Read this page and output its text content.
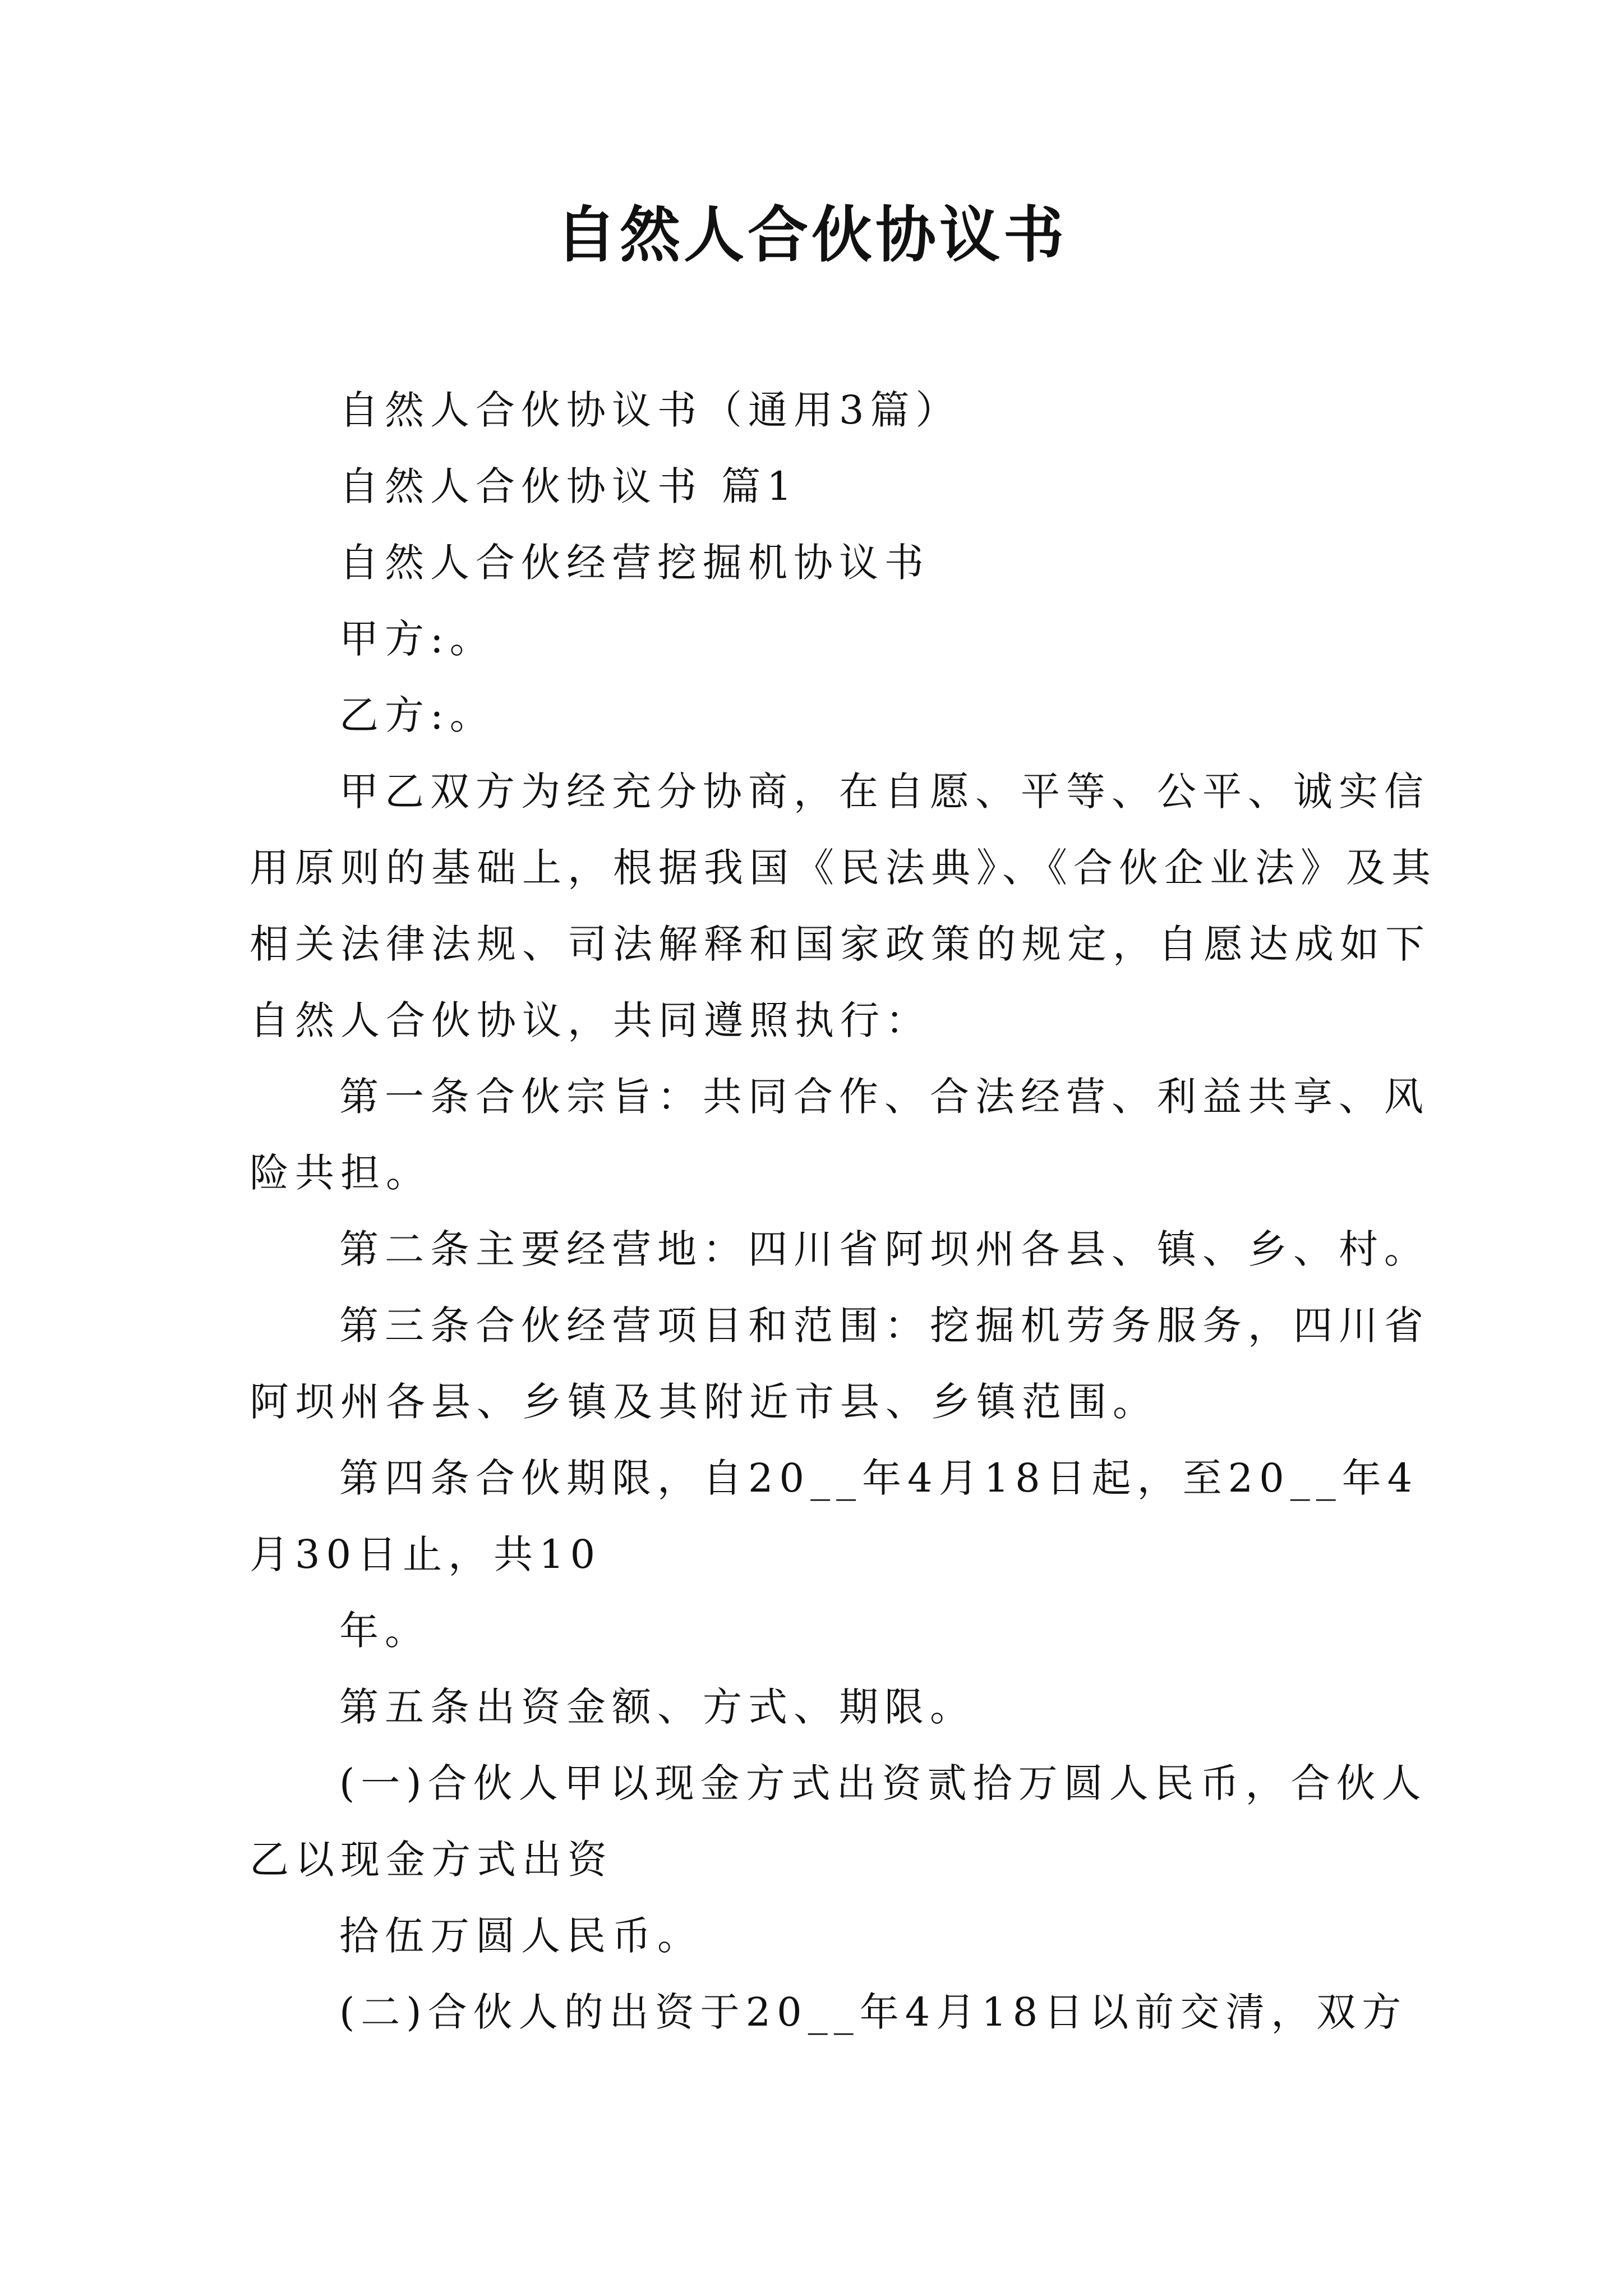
自然人合伙协议书
自然人合伙协议书（通用3篇）
自然人合伙协议书 篇1
自然人合伙经营挖掘机协议书
甲方:。
乙方:。
甲乙双方为经充分协商，在自愿、平等、公平、诚实信
用原则的基础上，根据我国《民法典》、《合伙企业法》及其
相关法律法规、司法解释和国家政策的规定，自愿达成如下
自然人合伙协议，共同遵照执行：
第一条合伙宗旨：共同合作、合法经营、利益共享、风
险共担。
第二条主要经营地：四川省阿坝州各县、镇、乡、村。
第三条合伙经营项目和范围：挖掘机劳务服务，四川省
阿坝州各县、乡镇及其附近市县、乡镇范围。
第四条合伙期限，自20__年4月18日起，至20__年4
月30日止，共10
年。
第五条出资金额、方式、期限。
(一)合伙人甲以现金方式出资贰拾万圆人民币，合伙人
乙以现金方式出资
拾伍万圆人民币。
(二)合伙人的出资于20__年4月18日以前交清，双方
